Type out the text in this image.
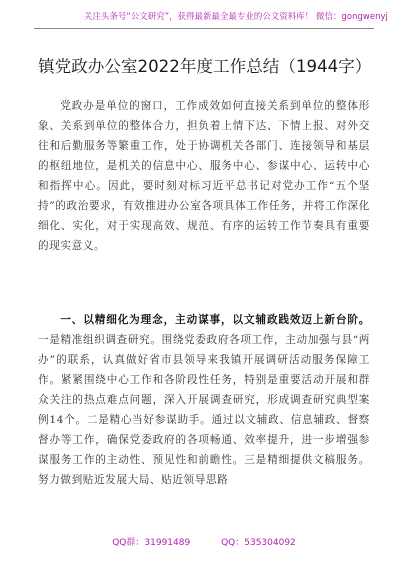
关注头条号“公文研究”，获得最新最全最专业的公文资料库！ 微信：gongwenyj
镇党政办公室2022年度工作总结（1944字）
党政办是单位的窗口，工作成效如何直接关系到单位的整体形象、关系到单位的整体合力，担负着上情下达、下情上报、对外交往和后勤服务等繁重工作，处于协调机关各部门、连接领导和基层的枢纽地位，是机关的信息中心、服务中心、参谋中心、运转中心和指挥中心。因此，要时刻对标习近平总书记对党办工作“五个坚持”的政治要求，有效推进办公室各项具体工作任务，并将工作深化细化、实化，对于实现高效、规范、有序的运转工作节奏具有重要的现实意义。
一、以精细化为理念，主动谋事，以文辅政践效迈上新台阶。一是精准组织调查研究。围绕党委政府各项工作，主动加强与县“两办”的联系，认真做好省市县领导来我镇开展调研活动服务保障工作。紧紧围绕中心工作和各阶段性任务，特别是重要活动开展和群众关注的热点难点问题，深入开展调查研究，形成调查研究典型案例14个。二是精心当好参谋助手。通过以文辅政、信息辅政、督察督办等工作，确保党委政府的各项畅通、效率提升，进一步增强参谋服务工作的主动性、预见性和前瞻性。三是精细提供文稿服务。努力做到贴近发展大局、贴近领导思路
QQ群：31991489	QQ：535304092
